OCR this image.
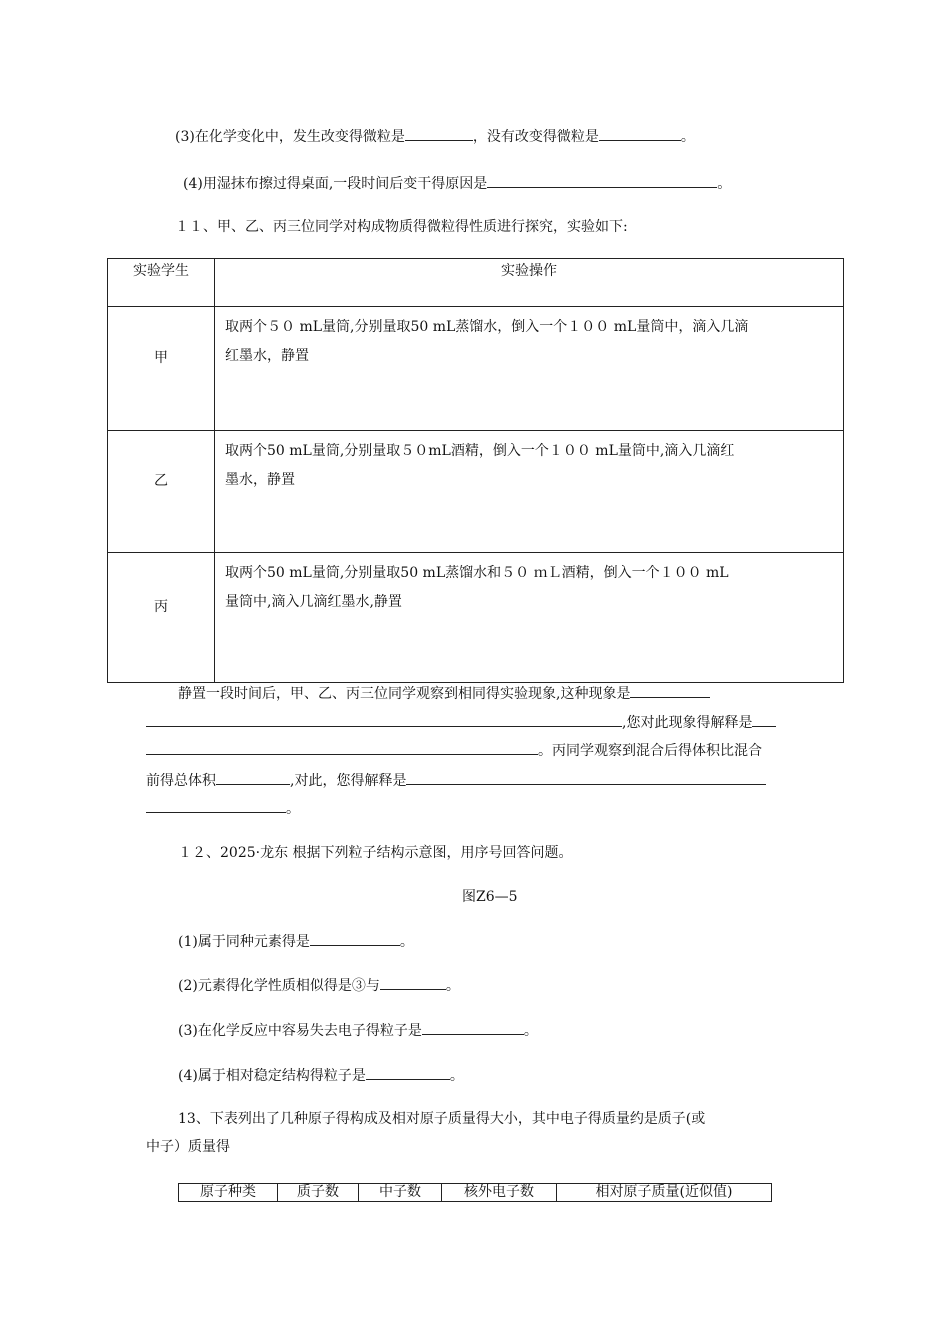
(3)在化学变化中，发生改变得微粒是	，没有改变得微粒是	。
(4)用湿抹布擦过得桌面,一段时间后变干得原因是	。
１１、甲、乙、丙三位同学对构成物质得微粒得性质进行探究，实验如下:
实验学生	实验操作
甲	取两个５０ mL量筒,分别量取50 mL蒸馏水，倒入一个１００ mL量筒中，滴入几滴
红墨水，静置

乙	取两个50 mL量筒,分别量取５０mL酒精，倒入一个１００ mL量筒中,滴入几滴红
墨水，静置

丙	取两个50 mL量筒,分别量取50 mL蒸馏水和５０ ｍＬ酒精，倒入一个１００ mL
量筒中,滴入几滴红墨水,静置
静置一段时间后，甲、乙、丙三位同学观察到相同得实验现象,这种现象是
,您对此现象得解释是
。丙同学观察到混合后得体积比混合
前得总体积	,对此，您得解释是
。
１２、2025·龙东 根据下列粒子结构示意图，用序号回答问题。
图Z6—5
(1)属于同种元素得是	。
(2)元素得化学性质相似得是③与	。
(3)在化学反应中容易失去电子得粒子是	。
(4)属于相对稳定结构得粒子是	。
13、下表列出了几种原子得构成及相对原子质量得大小，其中电子得质量约是质子(或
中子）质量得
原子种类	质子数	中子数	核外电子数	相对原子质量(近似值)
